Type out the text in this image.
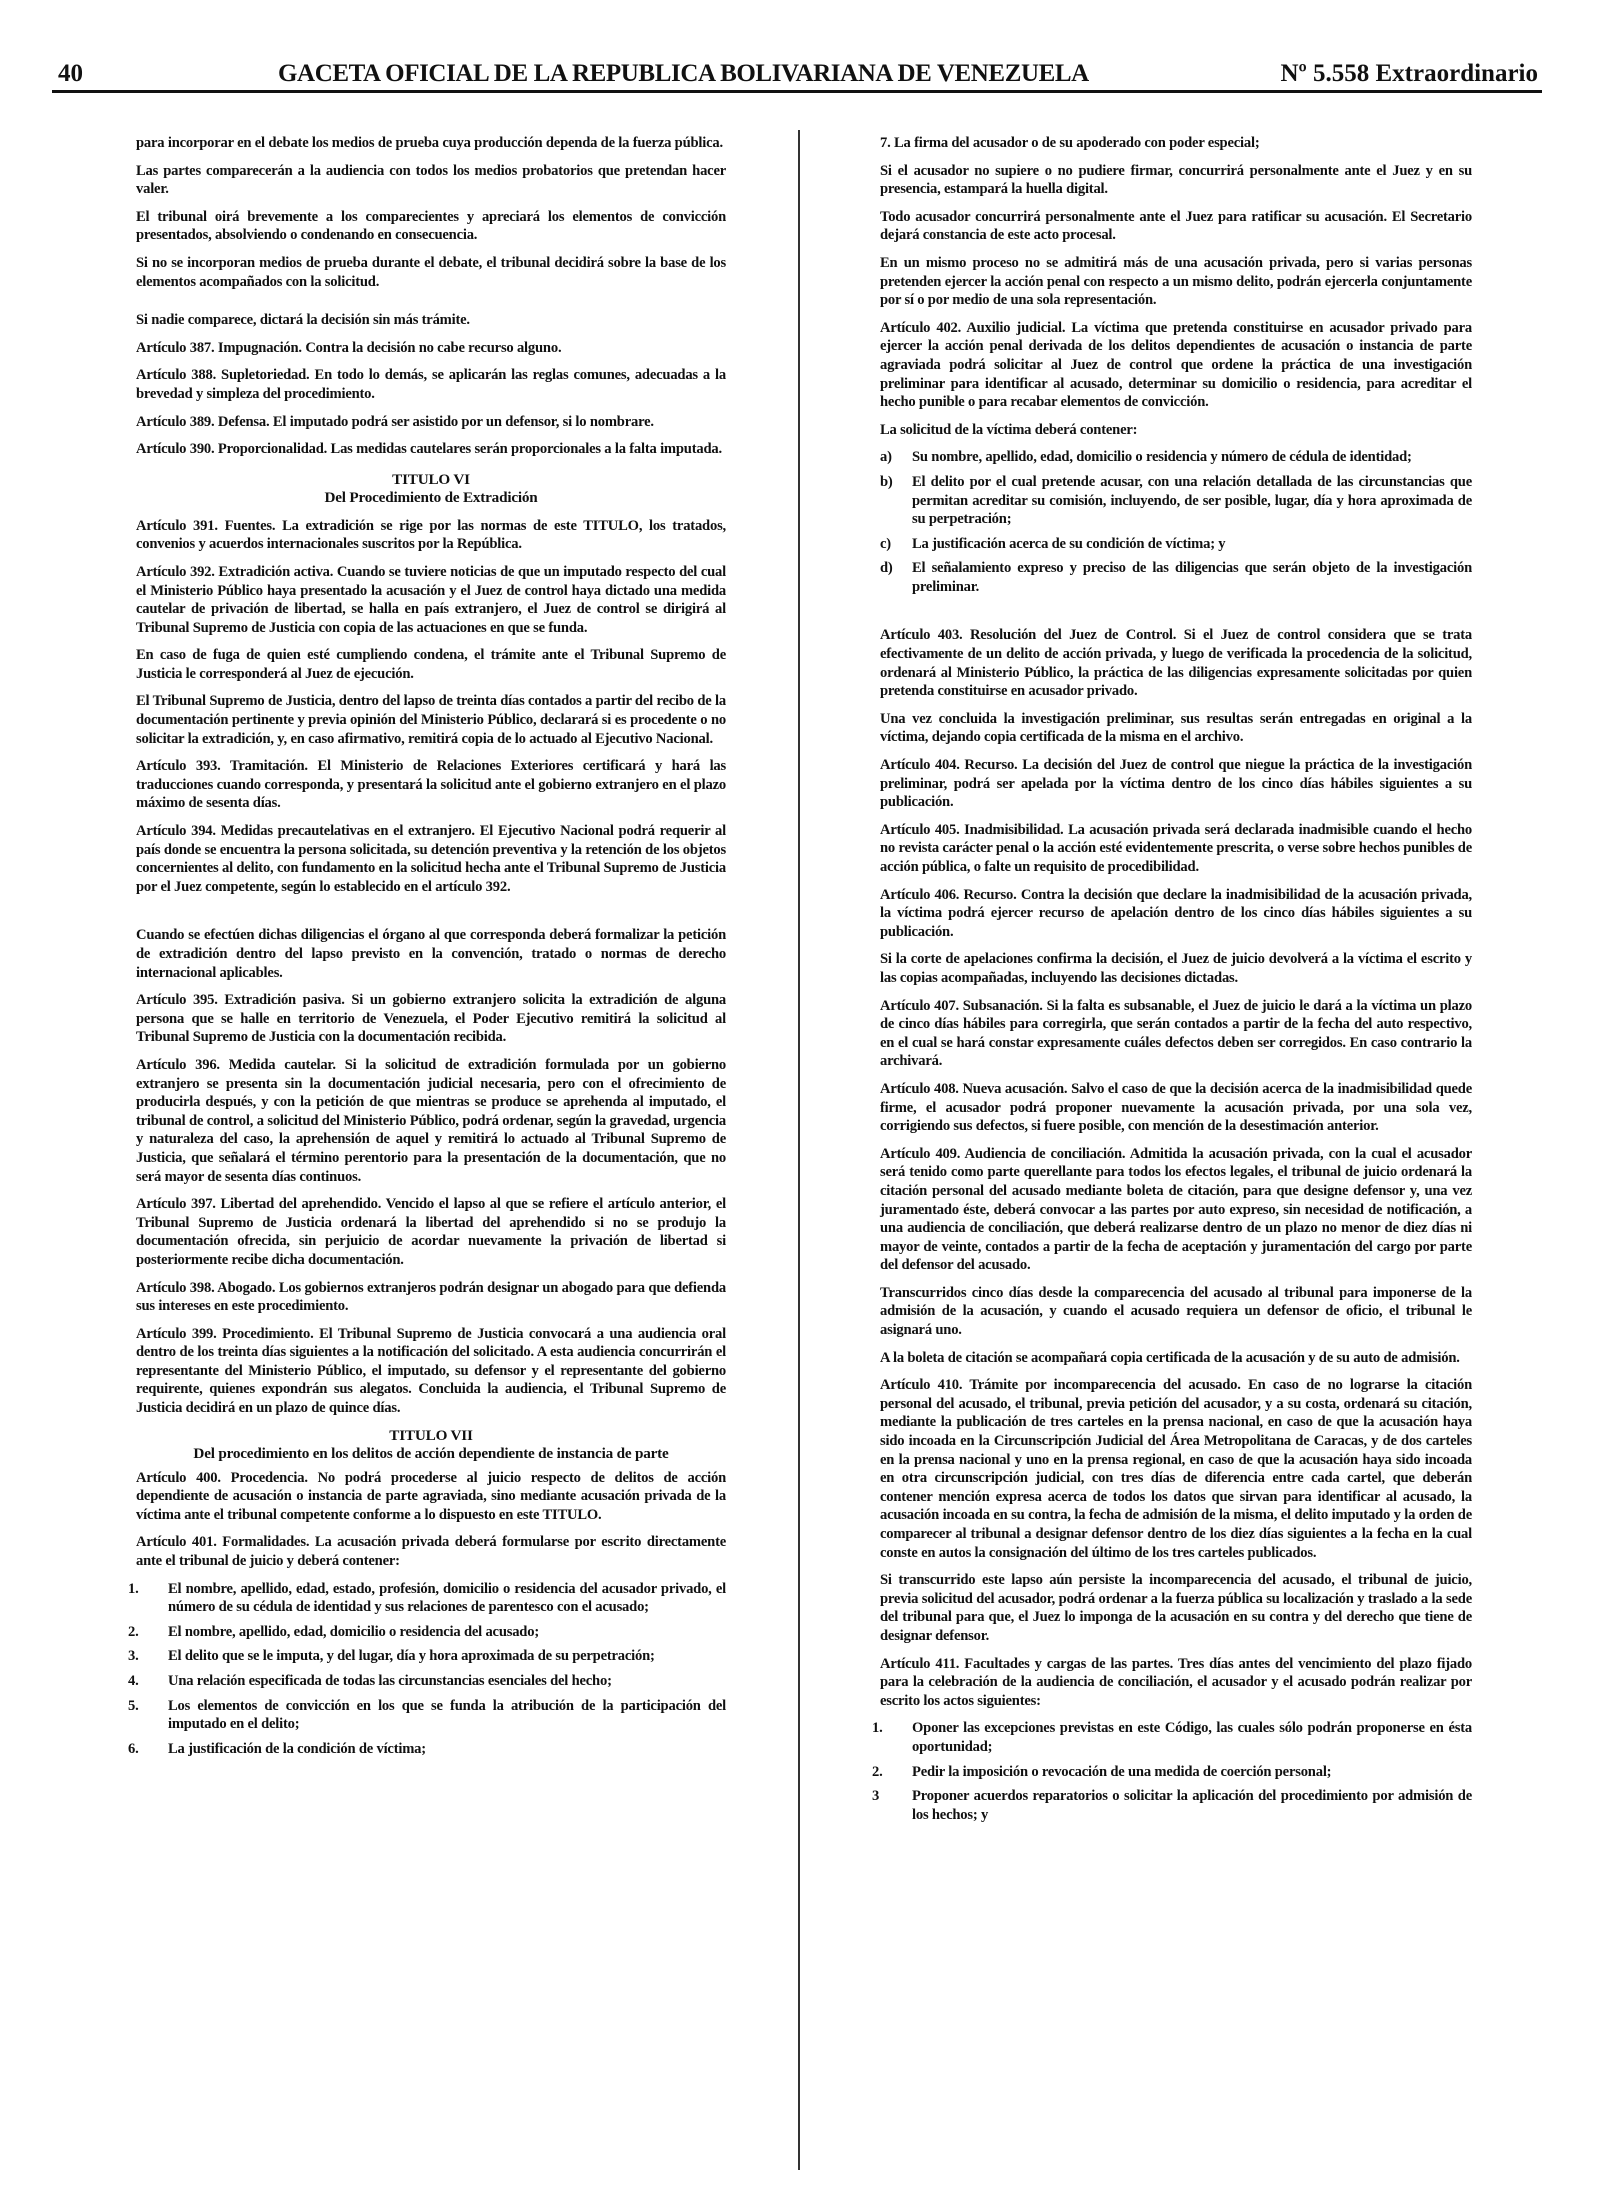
40	GACETA OFICIAL DE LA REPUBLICA BOLIVARIANA DE VENEZUELA	Nº 5.558 Extraordinario

para incorporar en el debate los medios de prueba cuya producción dependa de la fuerza pública.

Las partes comparecerán a la audiencia con todos los medios probatorios que pretendan hacer valer.

El tribunal oirá brevemente a los comparecientes y apreciará los elementos de convicción presentados, absolviendo o condenando en consecuencia.

Si no se incorporan medios de prueba durante el debate, el tribunal decidirá sobre la base de los elementos acompañados con la solicitud.

Si nadie comparece, dictará la decisión sin más trámite.

Artículo 387. Impugnación. Contra la decisión no cabe recurso alguno.

Artículo 388. Supletoriedad. En todo lo demás, se aplicarán las reglas comunes, adecuadas a la brevedad y simpleza del procedimiento.

Artículo 389. Defensa. El imputado podrá ser asistido por un defensor, si lo nombrare.

Artículo 390. Proporcionalidad. Las medidas cautelares serán proporcionales a la falta imputada.

TITULO VI
Del Procedimiento de Extradición

Artículo 391. Fuentes. La extradición se rige por las normas de este TITULO, los tratados, convenios y acuerdos internacionales suscritos por la República.

Artículo 392. Extradición activa. Cuando se tuviere noticias de que un imputado respecto del cual el Ministerio Público haya presentado la acusación y el Juez de control haya dictado una medida cautelar de privación de libertad, se halla en país extranjero, el Juez de control se dirigirá al Tribunal Supremo de Justicia con copia de las actuaciones en que se funda.

En caso de fuga de quien esté cumpliendo condena, el trámite ante el Tribunal Supremo de Justicia le corresponderá al Juez de ejecución.

El Tribunal Supremo de Justicia, dentro del lapso de treinta días contados a partir del recibo de la documentación pertinente y previa opinión del Ministerio Público, declarará si es procedente o no solicitar la extradición, y, en caso afirmativo, remitirá copia de lo actuado al Ejecutivo Nacional.

Artículo 393. Tramitación. El Ministerio de Relaciones Exteriores certificará y hará las traducciones cuando corresponda, y presentará la solicitud ante el gobierno extranjero en el plazo máximo de sesenta días.

Artículo 394. Medidas precautelativas en el extranjero. El Ejecutivo Nacional podrá requerir al país donde se encuentra la persona solicitada, su detención preventiva y la retención de los objetos concernientes al delito, con fundamento en la solicitud hecha ante el Tribunal Supremo de Justicia por el Juez competente, según lo establecido en el artículo 392.

Cuando se efectúen dichas diligencias el órgano al que corresponda deberá formalizar la petición de extradición dentro del lapso previsto en la convención, tratado o normas de derecho internacional aplicables.

Artículo 395. Extradición pasiva. Si un gobierno extranjero solicita la extradición de alguna persona que se halle en territorio de Venezuela, el Poder Ejecutivo remitirá la solicitud al Tribunal Supremo de Justicia con la documentación recibida.

Artículo 396. Medida cautelar. Si la solicitud de extradición formulada por un gobierno extranjero se presenta sin la documentación judicial necesaria, pero con el ofrecimiento de producirla después, y con la petición de que mientras se produce se aprehenda al imputado, el tribunal de control, a solicitud del Ministerio Público, podrá ordenar, según la gravedad, urgencia y naturaleza del caso, la aprehensión de aquel y remitirá lo actuado al Tribunal Supremo de Justicia, que señalará el término perentorio para la presentación de la documentación, que no será mayor de sesenta días continuos.

Artículo 397. Libertad del aprehendido. Vencido el lapso al que se refiere el artículo anterior, el Tribunal Supremo de Justicia ordenará la libertad del aprehendido si no se produjo la documentación ofrecida, sin perjuicio de acordar nuevamente la privación de libertad si posteriormente recibe dicha documentación.

Artículo 398. Abogado. Los gobiernos extranjeros podrán designar un abogado para que defienda sus intereses en este procedimiento.

Artículo 399. Procedimiento. El Tribunal Supremo de Justicia convocará a una audiencia oral dentro de los treinta días siguientes a la notificación del solicitado. A esta audiencia concurrirán el representante del Ministerio Público, el imputado, su defensor y el representante del gobierno requirente, quienes expondrán sus alegatos. Concluida la audiencia, el Tribunal Supremo de Justicia decidirá en un plazo de quince días.

TITULO VII
Del procedimiento en los delitos de acción dependiente de instancia de parte

Artículo 400. Procedencia. No podrá procederse al juicio respecto de delitos de acción dependiente de acusación o instancia de parte agraviada, sino mediante acusación privada de la víctima ante el tribunal competente conforme a lo dispuesto en este TITULO.

Artículo 401. Formalidades. La acusación privada deberá formularse por escrito directamente ante el tribunal de juicio y deberá contener:

1. El nombre, apellido, edad, estado, profesión, domicilio o residencia del acusador privado, el número de su cédula de identidad y sus relaciones de parentesco con el acusado;
2. El nombre, apellido, edad, domicilio o residencia del acusado;
3. El delito que se le imputa, y del lugar, día y hora aproximada de su perpetración;
4. Una relación especificada de todas las circunstancias esenciales del hecho;
5. Los elementos de convicción en los que se funda la atribución de la participación del imputado en el delito;
6. La justificación de la condición de víctima;

7. La firma del acusador o de su apoderado con poder especial;

Si el acusador no supiere o no pudiere firmar, concurrirá personalmente ante el Juez y en su presencia, estampará la huella digital.

Todo acusador concurrirá personalmente ante el Juez para ratificar su acusación. El Secretario dejará constancia de este acto procesal.

En un mismo proceso no se admitirá más de una acusación privada, pero si varias personas pretenden ejercer la acción penal con respecto a un mismo delito, podrán ejercerla conjuntamente por sí o por medio de una sola representación.

Artículo 402. Auxilio judicial. La víctima que pretenda constituirse en acusador privado para ejercer la acción penal derivada de los delitos dependientes de acusación o instancia de parte agraviada podrá solicitar al Juez de control que ordene la práctica de una investigación preliminar para identificar al acusado, determinar su domicilio o residencia, para acreditar el hecho punible o para recabar elementos de convicción.

La solicitud de la víctima deberá contener:

a) Su nombre, apellido, edad, domicilio o residencia y número de cédula de identidad;
b) El delito por el cual pretende acusar, con una relación detallada de las circunstancias que permitan acreditar su comisión, incluyendo, de ser posible, lugar, día y hora aproximada de su perpetración;
c) La justificación acerca de su condición de víctima; y
d) El señalamiento expreso y preciso de las diligencias que serán objeto de la investigación preliminar.

Artículo 403. Resolución del Juez de Control. Si el Juez de control considera que se trata efectivamente de un delito de acción privada, y luego de verificada la procedencia de la solicitud, ordenará al Ministerio Público, la práctica de las diligencias expresamente solicitadas por quien pretenda constituirse en acusador privado.

Una vez concluida la investigación preliminar, sus resultas serán entregadas en original a la víctima, dejando copia certificada de la misma en el archivo.

Artículo 404. Recurso. La decisión del Juez de control que niegue la práctica de la investigación preliminar, podrá ser apelada por la víctima dentro de los cinco días hábiles siguientes a su publicación.

Artículo 405. Inadmisibilidad. La acusación privada será declarada inadmisible cuando el hecho no revista carácter penal o la acción esté evidentemente prescrita, o verse sobre hechos punibles de acción pública, o falte un requisito de procedibilidad.

Artículo 406. Recurso. Contra la decisión que declare la inadmisibilidad de la acusación privada, la víctima podrá ejercer recurso de apelación dentro de los cinco días hábiles siguientes a su publicación.

Si la corte de apelaciones confirma la decisión, el Juez de juicio devolverá a la víctima el escrito y las copias acompañadas, incluyendo las decisiones dictadas.

Artículo 407. Subsanación. Si la falta es subsanable, el Juez de juicio le dará a la víctima un plazo de cinco días hábiles para corregirla, que serán contados a partir de la fecha del auto respectivo, en el cual se hará constar expresamente cuáles defectos deben ser corregidos. En caso contrario la archivará.

Artículo 408. Nueva acusación. Salvo el caso de que la decisión acerca de la inadmisibilidad quede firme, el acusador podrá proponer nuevamente la acusación privada, por una sola vez, corrigiendo sus defectos, si fuere posible, con mención de la desestimación anterior.

Artículo 409. Audiencia de conciliación. Admitida la acusación privada, con la cual el acusador será tenido como parte querellante para todos los efectos legales, el tribunal de juicio ordenará la citación personal del acusado mediante boleta de citación, para que designe defensor y, una vez juramentado éste, deberá convocar a las partes por auto expreso, sin necesidad de notificación, a una audiencia de conciliación, que deberá realizarse dentro de un plazo no menor de diez días ni mayor de veinte, contados a partir de la fecha de aceptación y juramentación del cargo por parte del defensor del acusado.

Transcurridos cinco días desde la comparecencia del acusado al tribunal para imponerse de la admisión de la acusación, y cuando el acusado requiera un defensor de oficio, el tribunal le asignará uno.

A la boleta de citación se acompañará copia certificada de la acusación y de su auto de admisión.

Artículo 410. Trámite por incomparecencia del acusado. En caso de no lograrse la citación personal del acusado, el tribunal, previa petición del acusador, y a su costa, ordenará su citación, mediante la publicación de tres carteles en la prensa nacional, en caso de que la acusación haya sido incoada en la Circunscripción Judicial del Área Metropolitana de Caracas, y de dos carteles en la prensa nacional y uno en la prensa regional, en caso de que la acusación haya sido incoada en otra circunscripción judicial, con tres días de diferencia entre cada cartel, que deberán contener mención expresa acerca de todos los datos que sirvan para identificar al acusado, la acusación incoada en su contra, la fecha de admisión de la misma, el delito imputado y la orden de comparecer al tribunal a designar defensor dentro de los diez días siguientes a la fecha en la cual conste en autos la consignación del último de los tres carteles publicados.

Si transcurrido este lapso aún persiste la incomparecencia del acusado, el tribunal de juicio, previa solicitud del acusador, podrá ordenar a la fuerza pública su localización y traslado a la sede del tribunal para que, el Juez lo imponga de la acusación en su contra y del derecho que tiene de designar defensor.

Artículo 411. Facultades y cargas de las partes. Tres días antes del vencimiento del plazo fijado para la celebración de la audiencia de conciliación, el acusador y el acusado podrán realizar por escrito los actos siguientes:

1. Oponer las excepciones previstas en este Código, las cuales sólo podrán proponerse en ésta oportunidad;
2. Pedir la imposición o revocación de una medida de coerción personal;
3 Proponer acuerdos reparatorios o solicitar la aplicación del procedimiento por admisión de los hechos; y
